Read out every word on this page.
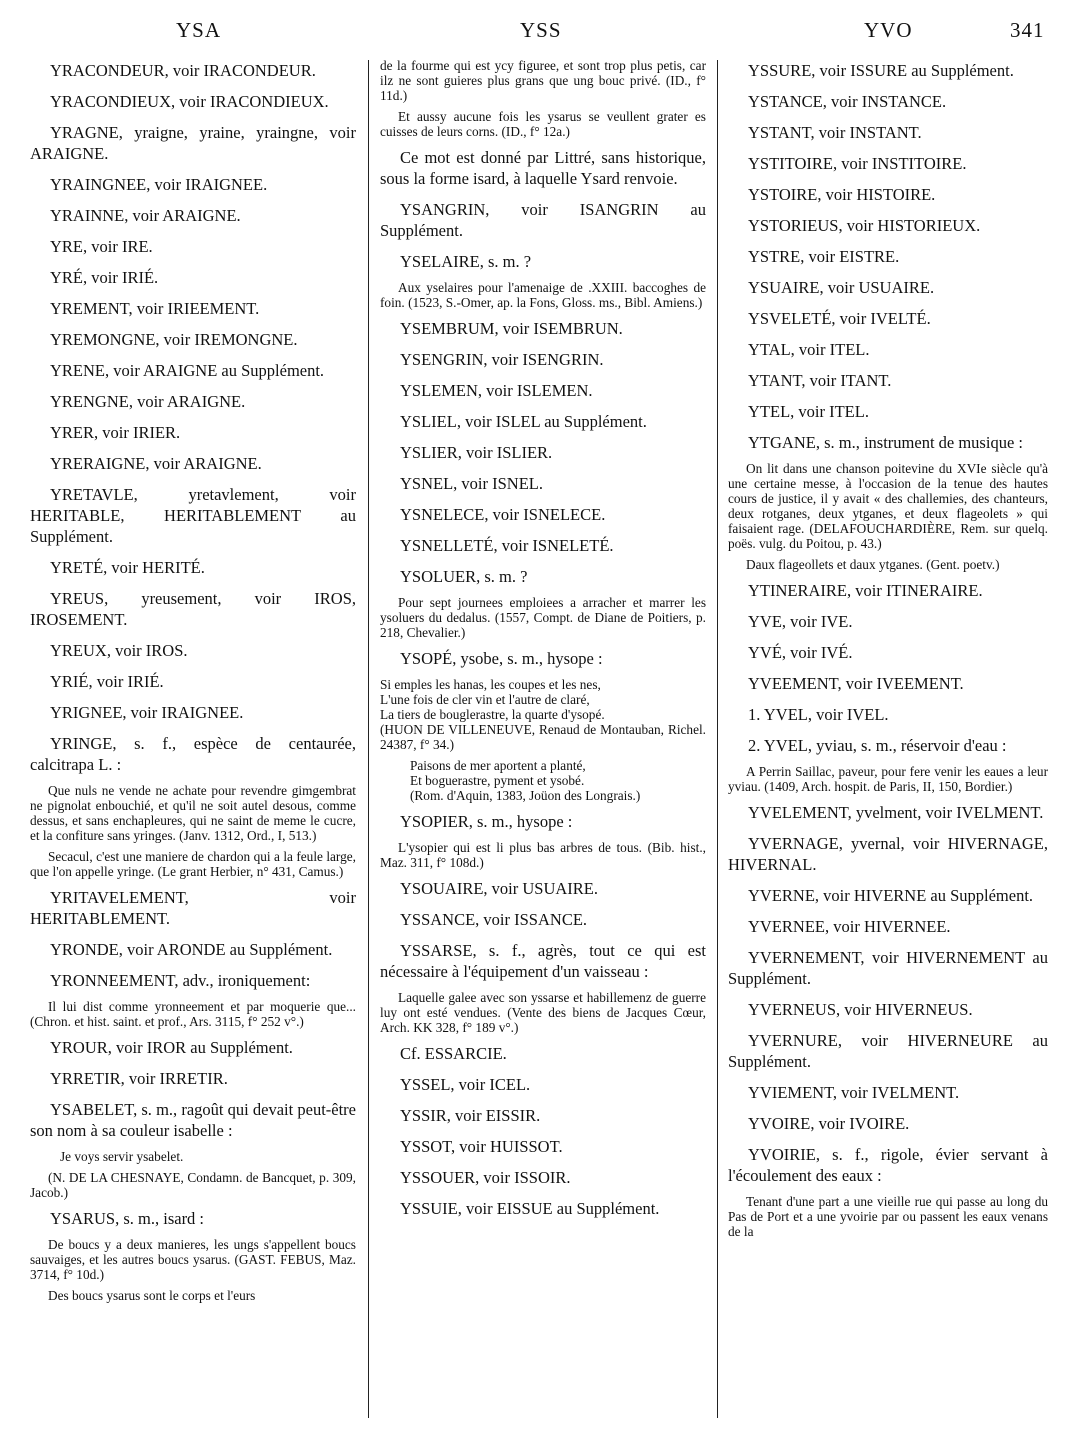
YSA	YSS	YVO	341
YRACONDEUR, voir IRACONDEUR.
YRACONDIEUX, voir IRACONDIEUX.
YRAGNE, yraigne, yraine, yraingne, voir ARAIGNE.
YRAINGNEE, voir IRAIGNEE.
YRAINNE, voir ARAIGNE.
YRE, voir IRE.
YRÉ, voir IRIÉ.
YREMENT, voir IRIEEMENT.
YREMONGNE, voir IREMONGNE.
YRENE, voir ARAIGNE au Supplément.
YRENGNE, voir ARAIGNE.
YRER, voir IRIER.
YRERAIGNE, voir ARAIGNE.
YRETAVLE, yretavlement, voir HERITABLE, HERITABLEMENT au Supplément.
YRETÉ, voir HERITÉ.
YREUS, yreusement, voir IROS, IROSEMENT.
YREUX, voir IROS.
YRIÉ, voir IRIÉ.
YRIGNEE, voir IRAIGNEE.
YRINGE, s. f., espèce de centaurée, calcitrapa L. :
Que nuls ne vende ne achate pour revendre gimgembrat ne pignolat enbouchié, et qu'il ne soit autel desous, comme dessus, et sans enchapleures, qui ne saint de meme le cucre, et la confiture sans yringes. (Janv. 1312, Ord., I, 513.)
Secacul, c'est une maniere de chardon qui a la feule large, que l'on appelle yringe. (Le grant Herbier, n° 431, Camus.)
YRITAVELEMENT, voir HERITABLEMENT.
YRONDE, voir ARONDE au Supplément.
YRONNEEMENT, adv., ironiquement:
Il lui dist comme yronneement et par moquerie que... (Chron. et hist. saint. et prof., Ars. 3115, f° 252 v°.)
YROUR, voir IROR au Supplément.
YRRETIR, voir IRRETIR.
YSABELET, s. m., ragoût qui devait peut-être son nom à sa couleur isabelle :
Je voys servir ysabelet.
(N. DE LA CHESNAYE, Condamn. de Bancquet, p. 309, Jacob.)
YSARUS, s. m., isard :
De boucs y a deux manieres, les ungs s'appellent boucs sauvaiges, et les autres boucs ysarus. (GAST. FEBUS, Maz. 3714, f° 10d.)
Des boucs ysarus sont le corps et l'eurs
de la fourme qui est ycy figuree, et sont trop plus petis, car ilz ne sont guieres plus grans que ung bouc privé. (ID., f° 11d.)
Et aussy aucune fois les ysarus se veullent grater es cuisses de leurs corns. (ID., f° 12a.)
Ce mot est donné par Littré, sans historique, sous la forme isard, à laquelle Ysard renvoie.
YSANGRIN, voir ISANGRIN au Supplément.
YSELAIRE, s. m. ?
Aux yselaires pour l'amenaige de .XXIII. baccoghes de foin. (1523, S.-Omer, ap. la Fons, Gloss. ms., Bibl. Amiens.)
YSEMBRUM, voir ISEMBRUN.
YSENGRIN, voir ISENGRIN.
YSLEMEN, voir ISLEMEN.
YSLIEL, voir ISLEL au Supplément.
YSLIER, voir ISLIER.
YSNEL, voir ISNEL.
YSNELECE, voir ISNELECE.
YSNELLETÉ, voir ISNELETÉ.
YSOLUER, s. m. ?
Pour sept journees emploiees a arracher et marrer les ysoluers du dedalus. (1557, Compt. de Diane de Poitiers, p. 218, Chevalier.)
YSOPÉ, ysobe, s. m., hysope :
Si emples les hanas, les coupes et les nes,
L'une fois de cler vin et l'autre de claré,
La tiers de bouglerastre, la quarte d'ysopé.
(HUON DE VILLENEUVE, Renaud de Montauban, Richel. 24387, f° 34.)
Paisons de mer aportent a planté,
Et boguerastre, pyment et ysobé.
(Rom. d'Aquin, 1383, Joüon des Longrais.)
YSOPIER, s. m., hysope :
L'ysopier qui est li plus bas arbres de tous. (Bib. hist., Maz. 311, f° 108d.)
YSOUAIRE, voir USUAIRE.
YSSANCE, voir ISSANCE.
YSSARSE, s. f., agrès, tout ce qui est nécessaire à l'équipement d'un vaisseau :
Laquelle galee avec son yssarse et habillemenz de guerre luy ont esté vendues. (Vente des biens de Jacques Cœur, Arch. KK 328, f° 189 v°.)
Cf. ESSARCIE.
YSSEL, voir ICEL.
YSSIR, voir EISSIR.
YSSOT, voir HUISSOT.
YSSOUER, voir ISSOIR.
YSSUIE, voir EISSUE au Supplément.
YSSURE, voir ISSURE au Supplément.
YSTANCE, voir INSTANCE.
YSTANT, voir INSTANT.
YSTITOIRE, voir INSTITOIRE.
YSTOIRE, voir HISTOIRE.
YSTORIEUS, voir HISTORIEUX.
YSTRE, voir EISTRE.
YSUAIRE, voir USUAIRE.
YSVELETÉ, voir IVELTÉ.
YTAL, voir ITEL.
YTANT, voir ITANT.
YTEL, voir ITEL.
YTGANE, s. m., instrument de musique :
On lit dans une chanson poitevine du XVIe siècle qu'à une certaine messe, à l'occasion de la tenue des hautes cours de justice, il y avait « des challemies, des chanteurs, deux rotganes, deux ytganes, et deux flageolets » qui faisaient rage. (DELAFOUCHARDIÈRE, Rem. sur quelq. poës. vulg. du Poitou, p. 43.)
Daux flageollets et daux ytganes. (Gent. poetv.)
YTINERAIRE, voir ITINERAIRE.
YVE, voir IVE.
YVÉ, voir IVÉ.
YVEEMENT, voir IVEEMENT.
1. YVEL, voir IVEL.
2. YVEL, yviau, s. m., réservoir d'eau :
A Perrin Saillac, paveur, pour fere venir les eaues a leur yviau. (1409, Arch. hospit. de Paris, II, 150, Bordier.)
YVELEMENT, yvelment, voir IVELMENT.
YVERNAGE, yvernal, voir HIVERNAGE, HIVERNAL.
YVERNE, voir HIVERNE au Supplément.
YVERNEE, voir HIVERNEE.
YVERNEMENT, voir HIVERNEMENT au Supplément.
YVERNEUS, voir HIVERNEUS.
YVERNURE, voir HIVERNEURE au Supplément.
YVIEMENT, voir IVELMENT.
YVOIRE, voir IVOIRE.
YVOIRIE, s. f., rigole, évier servant à l'écoulement des eaux :
Tenant d'une part a une vieille rue qui passe au long du Pas de Port et a une yvoirie par ou passent les eaux venans de la
